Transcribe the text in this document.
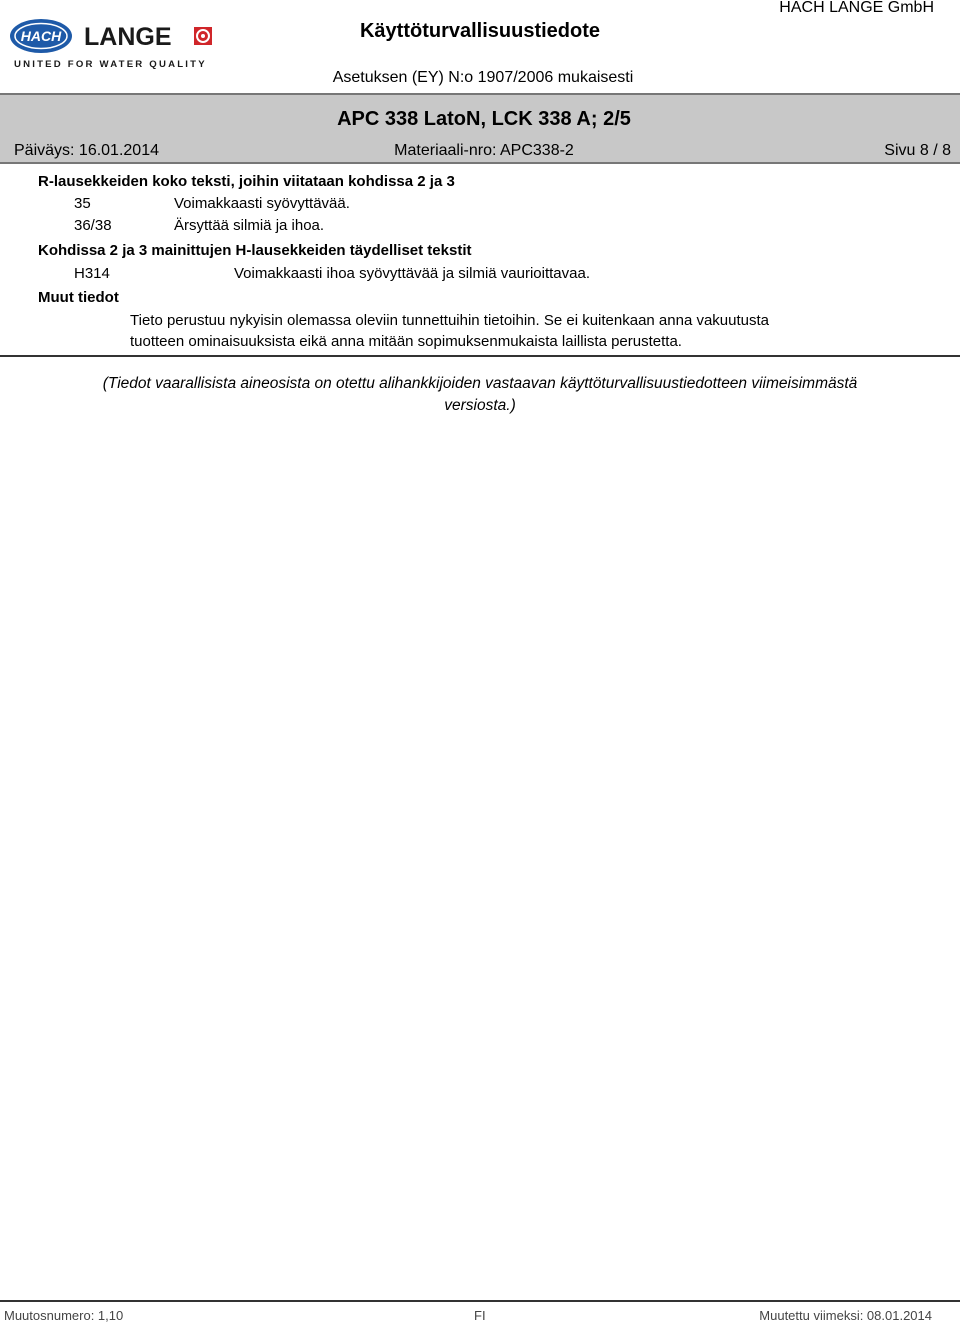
HACH LANGE
UNITED FOR WATER QUALITY
Käyttöturvallisuustiedote
HACH LANGE GmbH
Asetuksen (EY) N:o 1907/2006 mukaisesti
APC 338 LatoN, LCK 338 A; 2/5
Päiväys: 16.01.2014	Materiaali-nro: APC338-2	Sivu 8 / 8
R-lausekkeiden koko teksti, joihin viitataan kohdissa 2 ja 3
35	Voimakkaasti syövyttävää.
36/38	Ärsyttää silmiä ja ihoa.
Kohdissa 2 ja 3 mainittujen H-lausekkeiden täydelliset tekstit
H314	Voimakkaasti ihoa syövyttävää ja silmiä vaurioittavaa.
Muut tiedot
Tieto perustuu nykyisin olemassa oleviin tunnettuihin tietoihin. Se ei kuitenkaan anna vakuutusta
tuotteen ominaisuuksista eikä anna mitään sopimuksenmukaista laillista perustetta.
(Tiedot vaarallisista aineosista on otettu alihankkijoiden vastaavan käyttöturvallisuustiedotteen viimeisimmästä
versiosta.)
Muutosnumero: 1,10	FI	Muutettu viimeksi: 08.01.2014
